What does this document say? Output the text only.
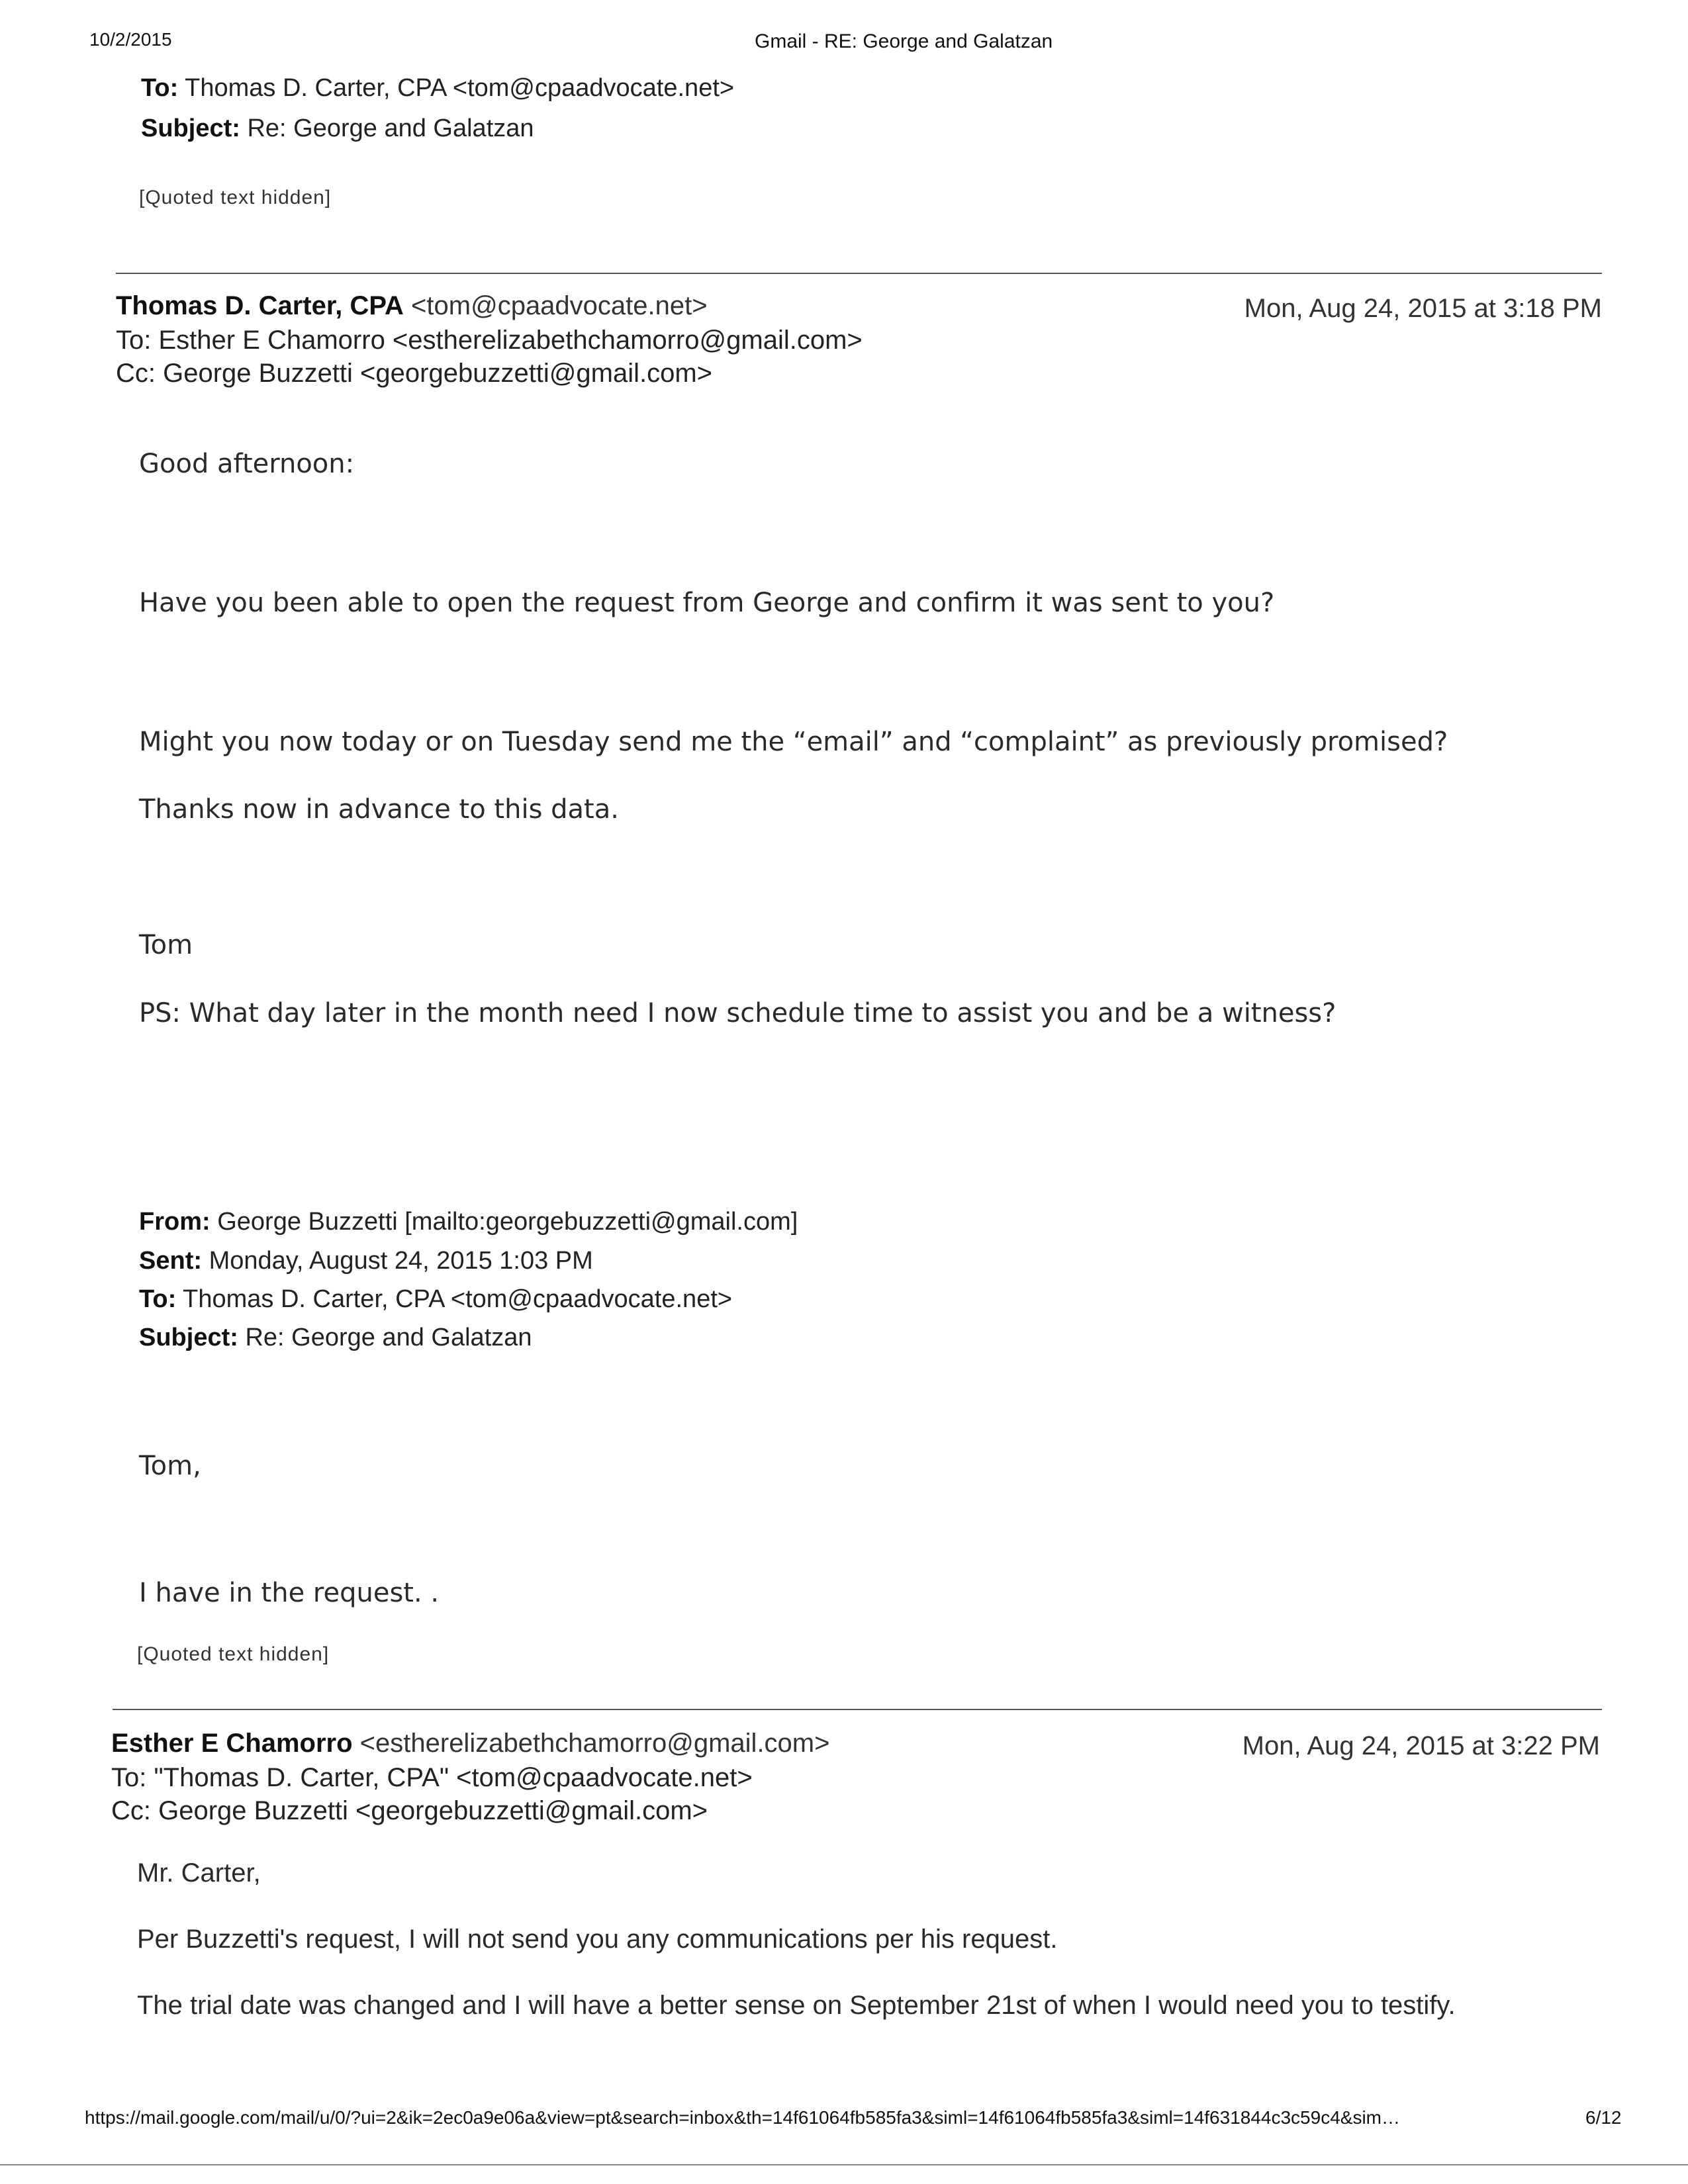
10/2/2015	Gmail - RE: George and Galatzan
To: Thomas D. Carter, CPA <tom@cpaadvocate.net>
Subject: Re: George and Galatzan
[Quoted text hidden]
Thomas D. Carter, CPA <tom@cpaadvocate.net>	Mon, Aug 24, 2015 at 3:18 PM
To: Esther E Chamorro <estherelizabethchamorro@gmail.com>
Cc: George Buzzetti <georgebuzzetti@gmail.com>
Good afternoon:
Have you been able to open the request from George and confirm it was sent to you?
Might you now today or on Tuesday send me the “email” and “complaint” as previously promised?
Thanks now in advance to this data.
Tom
PS: What day later in the month need I now schedule time to assist you and be a witness?
From: George Buzzetti [mailto:georgebuzzetti@gmail.com]
Sent: Monday, August 24, 2015 1:03 PM
To: Thomas D. Carter, CPA <tom@cpaadvocate.net>
Subject: Re: George and Galatzan
Tom,
I have in the request. .
[Quoted text hidden]
Esther E Chamorro <estherelizabethchamorro@gmail.com>	Mon, Aug 24, 2015 at 3:22 PM
To: "Thomas D. Carter, CPA" <tom@cpaadvocate.net>
Cc: George Buzzetti <georgebuzzetti@gmail.com>
Mr. Carter,
Per Buzzetti's request, I will not send you any communications per his request.
The trial date was changed and I will have a better sense on September 21st of when I would need you to testify.
https://mail.google.com/mail/u/0/?ui=2&ik=2ec0a9e06a&view=pt&search=inbox&th=14f61064fb585fa3&siml=14f61064fb585fa3&siml=14f631844c3c59c4&sim…	6/12
